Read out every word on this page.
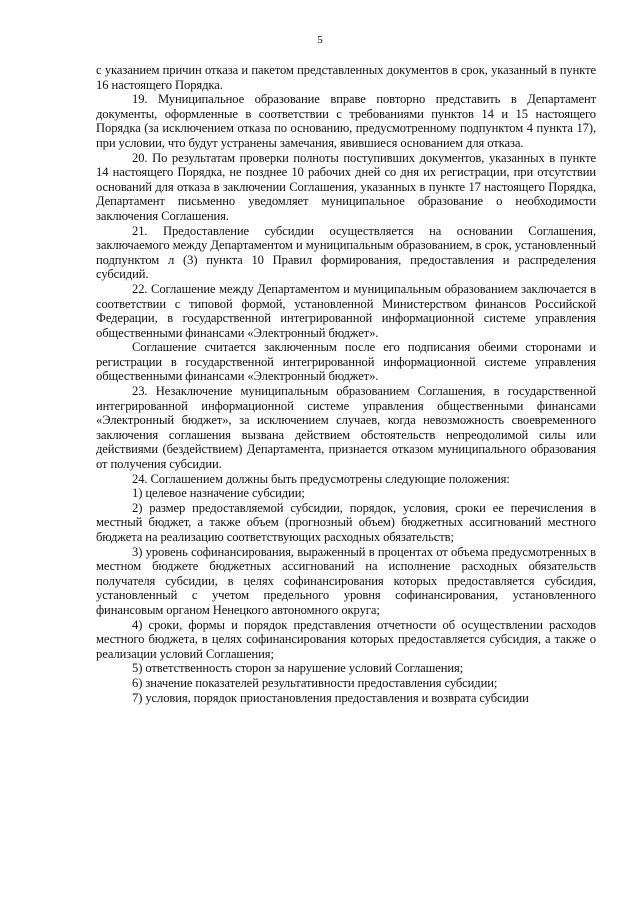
5

с указанием причин отказа и пакетом представленных документов в срок, указанный в пункте 16 настоящего Порядка.

19. Муниципальное образование вправе повторно представить в Департамент документы, оформленные в соответствии с требованиями пунктов 14 и 15 настоящего Порядка (за исключением отказа по основанию, предусмотренному подпунктом 4 пункта 17), при условии, что будут устранены замечания, явившиеся основанием для отказа.

20. По результатам проверки полноты поступивших документов, указанных в пункте 14 настоящего Порядка, не позднее 10 рабочих дней со дня их регистрации, при отсутствии оснований для отказа в заключении Соглашения, указанных в пункте 17 настоящего Порядка, Департамент письменно уведомляет муниципальное образование о необходимости заключения Соглашения.

21. Предоставление субсидии осуществляется на основании Соглашения, заключаемого между Департаментом и муниципальным образованием, в срок, установленный подпунктом л (3) пункта 10 Правил формирования, предоставления и распределения субсидий.

22. Соглашение между Департаментом и муниципальным образованием заключается в соответствии с типовой формой, установленной Министерством финансов Российской Федерации, в государственной интегрированной информационной системе управления общественными финансами «Электронный бюджет».

Соглашение считается заключенным после его подписания обеими сторонами и регистрации в государственной интегрированной информационной системе управления общественными финансами «Электронный бюджет».

23. Незаключение муниципальным образованием Соглашения, в государственной интегрированной информационной системе управления общественными финансами «Электронный бюджет», за исключением случаев, когда невозможность своевременного заключения соглашения вызвана действием обстоятельств непреодолимой силы или действиями (бездействием) Департамента, признается отказом муниципального образования от получения субсидии.

24. Соглашением должны быть предусмотрены следующие положения:

1) целевое назначение субсидии;

2) размер предоставляемой субсидии, порядок, условия, сроки ее перечисления в местный бюджет, а также объем (прогнозный объем) бюджетных ассигнований местного бюджета на реализацию соответствующих расходных обязательств;

3) уровень софинансирования, выраженный в процентах от объема предусмотренных в местном бюджете бюджетных ассигнований на исполнение расходных обязательств получателя субсидии, в целях софинансирования которых предоставляется субсидия, установленный с учетом предельного уровня софинансирования, установленного финансовым органом Ненецкого автономного округа;

4) сроки, формы и порядок представления отчетности об осуществлении расходов местного бюджета, в целях софинансирования которых предоставляется субсидия, а также о реализации условий Соглашения;

5) ответственность сторон за нарушение условий Соглашения;

6) значение показателей результативности предоставления субсидии;

7) условия, порядок приостановления предоставления и возврата субсидии
